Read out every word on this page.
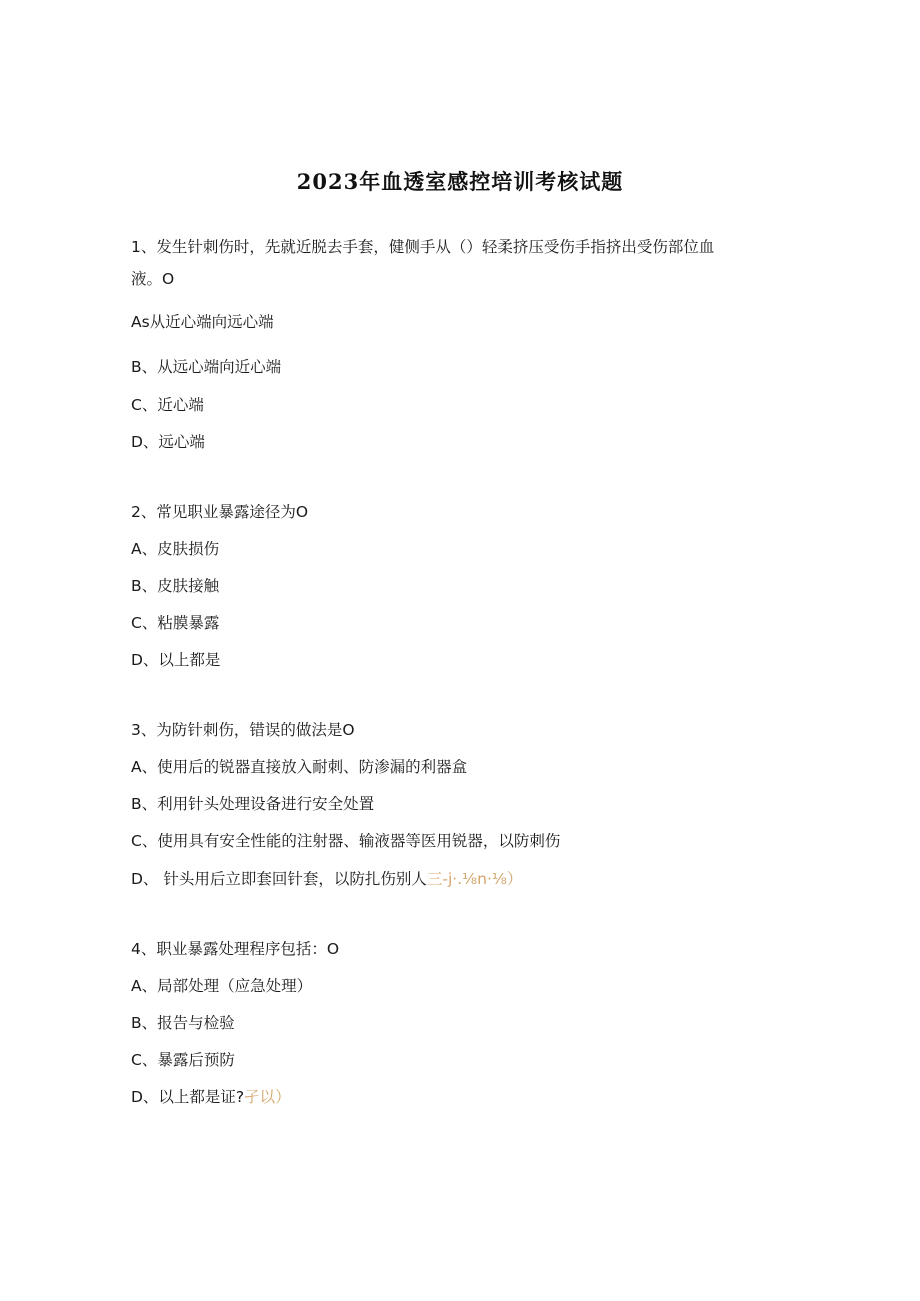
2023年血透室感控培训考核试题
1、发生针刺伤时，先就近脱去手套，健侧手从（）轻柔挤压受伤手指挤出受伤部位血
液。O
As从近心端向远心端
B、从远心端向近心端
C、近心端
D、远心端
2、常见职业暴露途径为O
A、皮肤损伤
B、皮肤接触
C、粘膜暴露
D、以上都是
3、为防针刺伤，错误的做法是O
A、使用后的锐器直接放入耐刺、防渗漏的利器盒
B、利用针头处理设备进行安全处置
C、使用具有安全性能的注射器、输液器等医用锐器，以防刺伤
D、 针头用后立即套回针套，以防扎伤别人三-j·.⅛n·⅛）
4、职业暴露处理程序包括：O
A、局部处理（应急处理）
B、报告与检验
C、暴露后预防
D、以上都是证?孑以）
